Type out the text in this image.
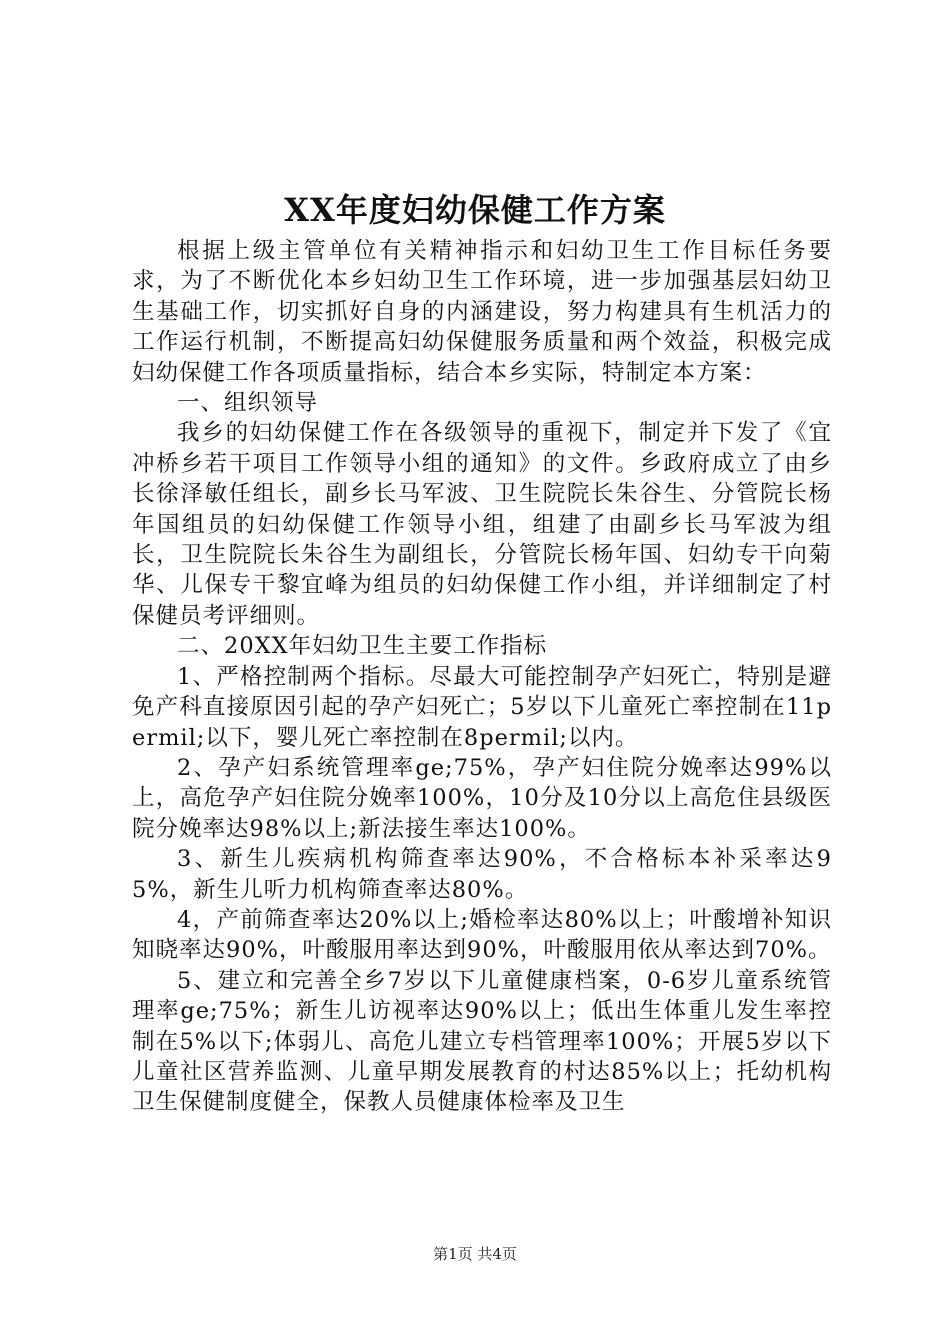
XX年度妇幼保健工作方案

根据上级主管单位有关精神指示和妇幼卫生工作目标任务要求，为了不断优化本乡妇幼卫生工作环境，进一步加强基层妇幼卫生基础工作，切实抓好自身的内涵建设，努力构建具有生机活力的工作运行机制，不断提高妇幼保健服务质量和两个效益，积极完成妇幼保健工作各项质量指标，结合本乡实际，特制定本方案：

一、组织领导

我乡的妇幼保健工作在各级领导的重视下，制定并下发了《宜冲桥乡若干项目工作领导小组的通知》的文件。乡政府成立了由乡长徐泽敏任组长，副乡长马军波、卫生院院长朱谷生、分管院长杨年国组员的妇幼保健工作领导小组，组建了由副乡长马军波为组长，卫生院院长朱谷生为副组长，分管院长杨年国、妇幼专干向菊华、儿保专干黎宜峰为组员的妇幼保健工作小组，并详细制定了村保健员考评细则。

二、20XX年妇幼卫生主要工作指标

1、严格控制两个指标。尽最大可能控制孕产妇死亡，特别是避免产科直接原因引起的孕产妇死亡；5岁以下儿童死亡率控制在11permil;以下，婴儿死亡率控制在8permil;以内。

2、孕产妇系统管理率ge;75%，孕产妇住院分娩率达99%以上，高危孕产妇住院分娩率100%，10分及10分以上高危住县级医院分娩率达98%以上;新法接生率达100%。

3、新生儿疾病机构筛查率达90%，不合格标本补采率达95%，新生儿听力机构筛查率达80%。

4，产前筛查率达20%以上;婚检率达80%以上；叶酸增补知识知晓率达90%，叶酸服用率达到90%，叶酸服用依从率达到70%。

5、建立和完善全乡7岁以下儿童健康档案，0-6岁儿童系统管理率ge;75%；新生儿访视率达90%以上；低出生体重儿发生率控制在5%以下;体弱儿、高危儿建立专档管理率100%；开展5岁以下儿童社区营养监测、儿童早期发展教育的村达85%以上；托幼机构卫生保健制度健全，保教人员健康体检率及卫生

第1页 共4页
